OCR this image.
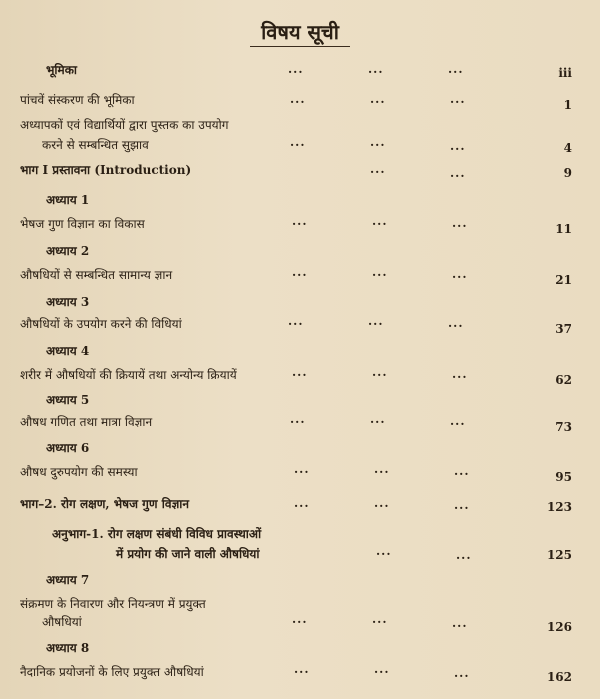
विषय सूची
भूमिका	...	...	...	iii
पांचवें संस्करण की भूमिका	...	...	...	1
अध्यापकों एवं विद्यार्थियों द्वारा पुस्तक का उपयोग
करने से सम्बन्धित सुझाव	...	...	...	4
भाग I प्रस्तावना (Introduction)	...	...	9
अध्याय 1
भेषज गुण विज्ञान का विकास	...	...	...	11
अध्याय 2
औषधियों से सम्बन्धित सामान्य ज्ञान	...	...	...	21
अध्याय 3
औषधियों के उपयोग करने की विधियां	...	...	...	37
अध्याय 4
शरीर में औषधियों की क्रियायें तथा अन्योन्य क्रियायें	...	...	...	62
अध्याय 5
औषध गणित तथा मात्रा विज्ञान	...	...	...	73
अध्याय 6
औषध दुरुपयोग की समस्या	...	...	...	95
भाग–2. रोग लक्षण, भेषज गुण विज्ञान	...	...	...	123
अनुभाग-1. रोग लक्षण संबंधी विविध प्रावस्थाओं
में प्रयोग की जाने वाली औषधियां	...	...	125
अध्याय 7
संक्रमण के निवारण और नियन्त्रण में प्रयुक्त
औषधियां	...	...	...	126
अध्याय 8
नैदानिक प्रयोजनों के लिए प्रयुक्त औषधियां	...	...	...	162
